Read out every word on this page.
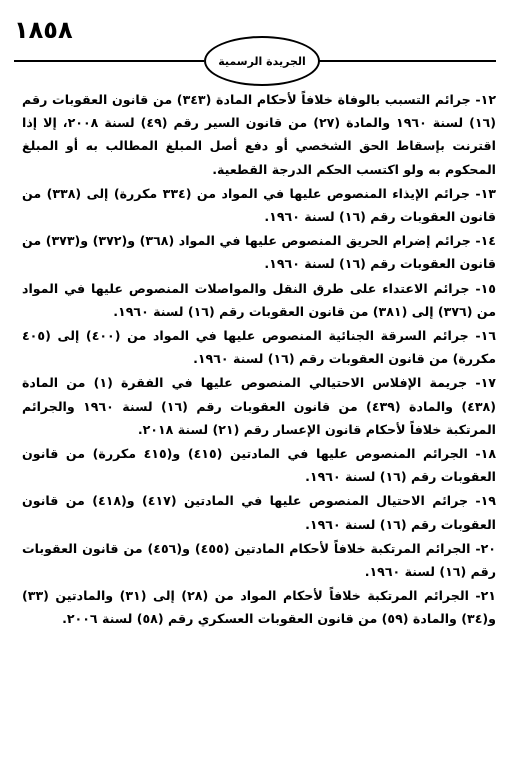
١٨٥٨
الجريدة الرسمية

١٢- جرائم التسبب بالوفاة خلافاً لأحكام المادة (٣٤٣) من قانون العقوبات رقم (١٦) لسنة ١٩٦٠ والمادة (٢٧) من قانون السير رقم (٤٩) لسنة ٢٠٠٨، إلا إذا اقترنت بإسقاط الحق الشخصي أو دفع أصل المبلغ المطالب به أو المبلغ المحكوم به ولو اكتسب الحكم الدرجة القطعية.

١٣- جرائم الإيذاء المنصوص عليها في المواد من (٣٣٤ مكررة) إلى (٣٣٨) من قانون العقوبات رقم (١٦) لسنة ١٩٦٠.

١٤- جرائم إضرام الحريق المنصوص عليها في المواد (٣٦٨) و(٣٧٢) و(٣٧٣) من قانون العقوبات رقم (١٦) لسنة ١٩٦٠.

١٥- جرائم الاعتداء على طرق النقل والمواصلات المنصوص عليها في المواد من (٣٧٦) إلى (٣٨١) من قانون العقوبات رقم (١٦) لسنة ١٩٦٠.

١٦- جرائم السرقة الجنائية المنصوص عليها في المواد من (٤٠٠) إلى (٤٠٥ مكررة) من قانون العقوبات رقم (١٦) لسنة ١٩٦٠.

١٧- جريمة الإفلاس الاحتيالي المنصوص عليها في الفقرة (١) من المادة (٤٣٨) والمادة (٤٣٩) من قانون العقوبات رقم (١٦) لسنة ١٩٦٠ والجرائم المرتكبة خلافاً لأحكام قانون الإعسار رقم (٢١) لسنة ٢٠١٨.

١٨- الجرائم المنصوص عليها في المادتين (٤١٥) و(٤١٥ مكررة) من قانون العقوبات رقم (١٦) لسنة ١٩٦٠.

١٩- جرائم الاحتيال المنصوص عليها في المادتين (٤١٧) و(٤١٨) من قانون العقوبات رقم (١٦) لسنة ١٩٦٠.

٢٠- الجرائم المرتكبة خلافاً لأحكام المادتين (٤٥٥) و(٤٥٦) من قانون العقوبات رقم (١٦) لسنة ١٩٦٠.

٢١- الجرائم المرتكبة خلافاً لأحكام المواد من (٢٨) إلى (٣١) والمادتين (٣٣) و(٣٤) والمادة (٥٩) من قانون العقوبات العسكري رقم (٥٨) لسنة ٢٠٠٦.
